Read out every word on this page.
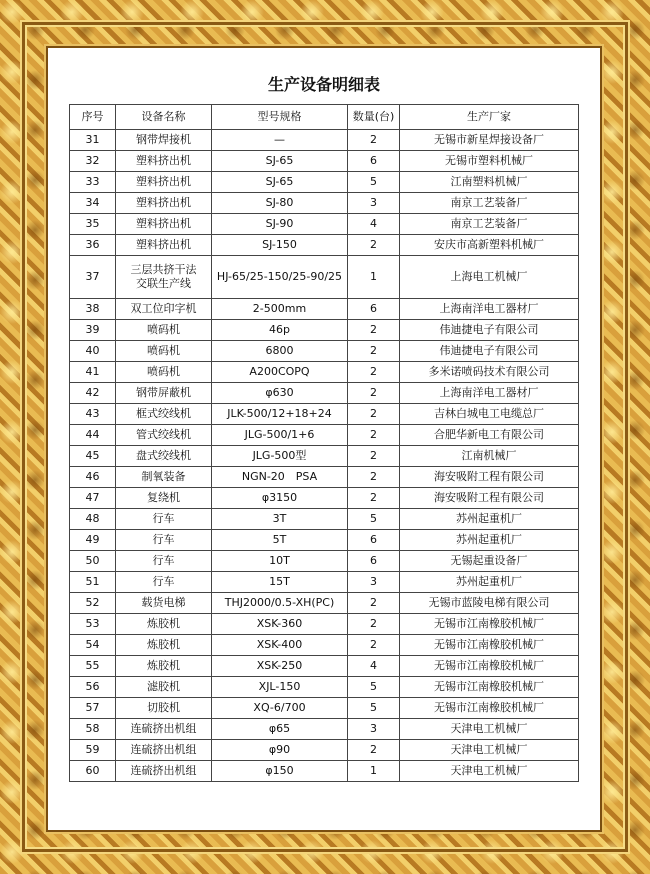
生产设备明细表
序号	设备名称	型号规格	数量(台)	生产厂家
31	钢带焊接机	—	2	无锡市新星焊接设备厂
32	塑料挤出机	SJ-65	6	无锡市塑料机械厂
33	塑料挤出机	SJ-65	5	江南塑料机械厂
34	塑料挤出机	SJ-80	3	南京工艺装备厂
35	塑料挤出机	SJ-90	4	南京工艺装备厂
36	塑料挤出机	SJ-150	2	安庆市高新塑料机械厂
37	三层共挤干法
交联生产线	HJ-65/25-150/25-90/25	1	上海电工机械厂
38	双工位印字机	2-500mm	6	上海南洋电工器材厂
39	喷码机	46p	2	伟迪捷电子有限公司
40	喷码机	6800	2	伟迪捷电子有限公司
41	喷码机	A200COPQ	2	多米诺喷码技术有限公司
42	钢带屏蔽机	φ630	2	上海南洋电工器材厂
43	框式绞线机	JLK-500/12+18+24	2	吉林白城电工电缆总厂
44	管式绞线机	JLG-500/1+6	2	合肥华新电工有限公司
45	盘式绞线机	JLG-500型	2	江南机械厂
46	制氧装备	NGN-20　PSA	2	海安吸附工程有限公司
47	复绕机	φ3150	2	海安吸附工程有限公司
48	行车	3T	5	苏州起重机厂
49	行车	5T	6	苏州起重机厂
50	行车	10T	6	无锡起重设备厂
51	行车	15T	3	苏州起重机厂
52	载货电梯	THJ2000/0.5-XH(PC)	2	无锡市蓝陵电梯有限公司
53	炼胶机	XSK-360	2	无锡市江南橡胶机械厂
54	炼胶机	XSK-400	2	无锡市江南橡胶机械厂
55	炼胶机	XSK-250	4	无锡市江南橡胶机械厂
56	滤胶机	XJL-150	5	无锡市江南橡胶机械厂
57	切胶机	XQ-6/700	5	无锡市江南橡胶机械厂
58	连硫挤出机组	φ65	3	天津电工机械厂
59	连硫挤出机组	φ90	2	天津电工机械厂
60	连硫挤出机组	φ150	1	天津电工机械厂
